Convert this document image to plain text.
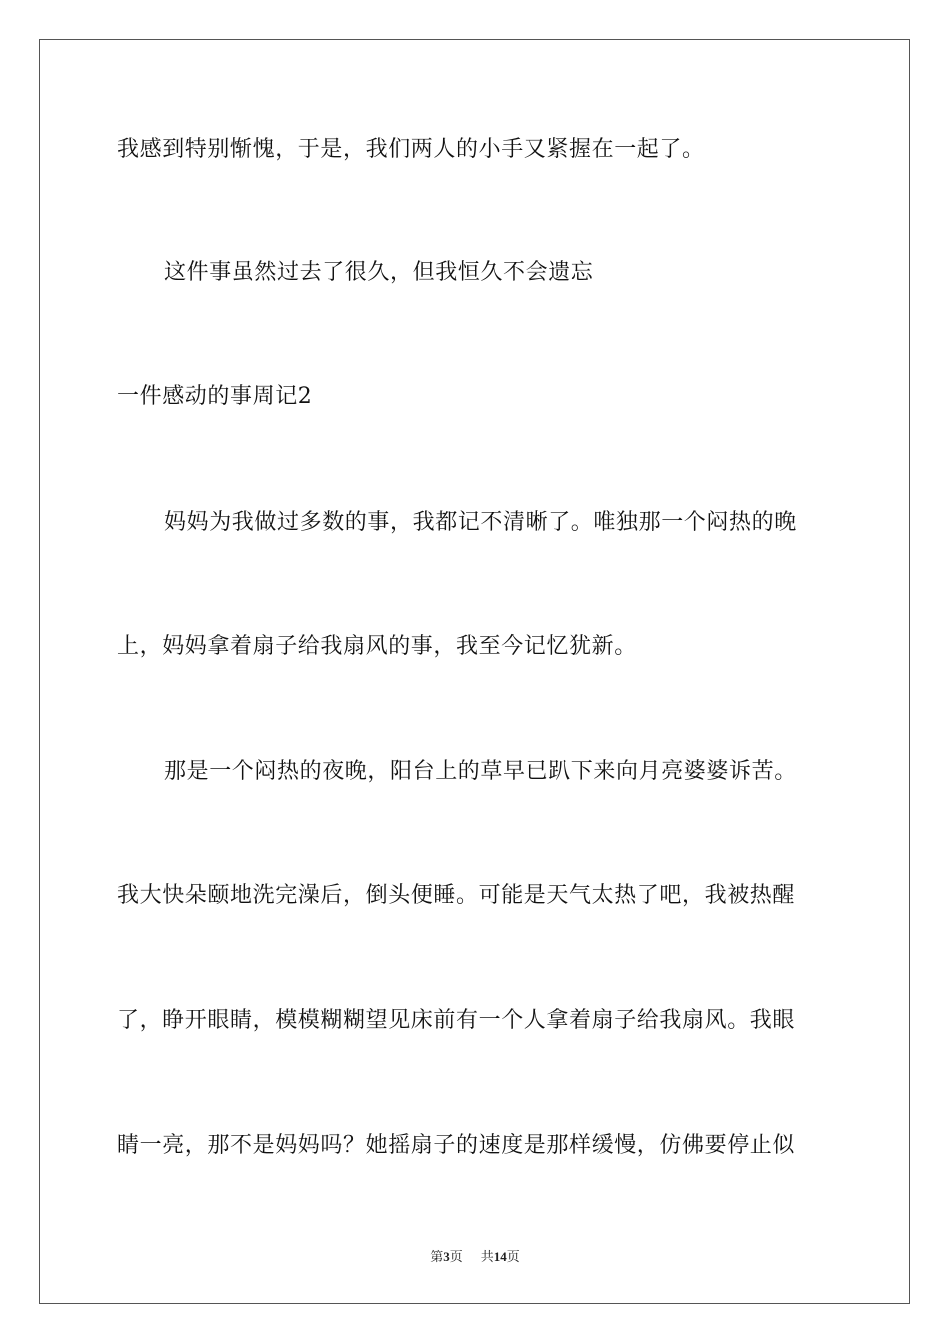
我感到特别惭愧，于是，我们两人的小手又紧握在一起了。

这件事虽然过去了很久，但我恒久不会遗忘

一件感动的事周记2

妈妈为我做过多数的事，我都记不清晰了。唯独那一个闷热的晚

上，妈妈拿着扇子给我扇风的事，我至今记忆犹新。

那是一个闷热的夜晚，阳台上的草早已趴下来向月亮婆婆诉苦。

我大快朵颐地洗完澡后，倒头便睡。可能是天气太热了吧，我被热醒

了，睁开眼睛，模模糊糊望见床前有一个人拿着扇子给我扇风。我眼

睛一亮，那不是妈妈吗？她摇扇子的速度是那样缓慢，仿佛要停止似

第3页 共14页
